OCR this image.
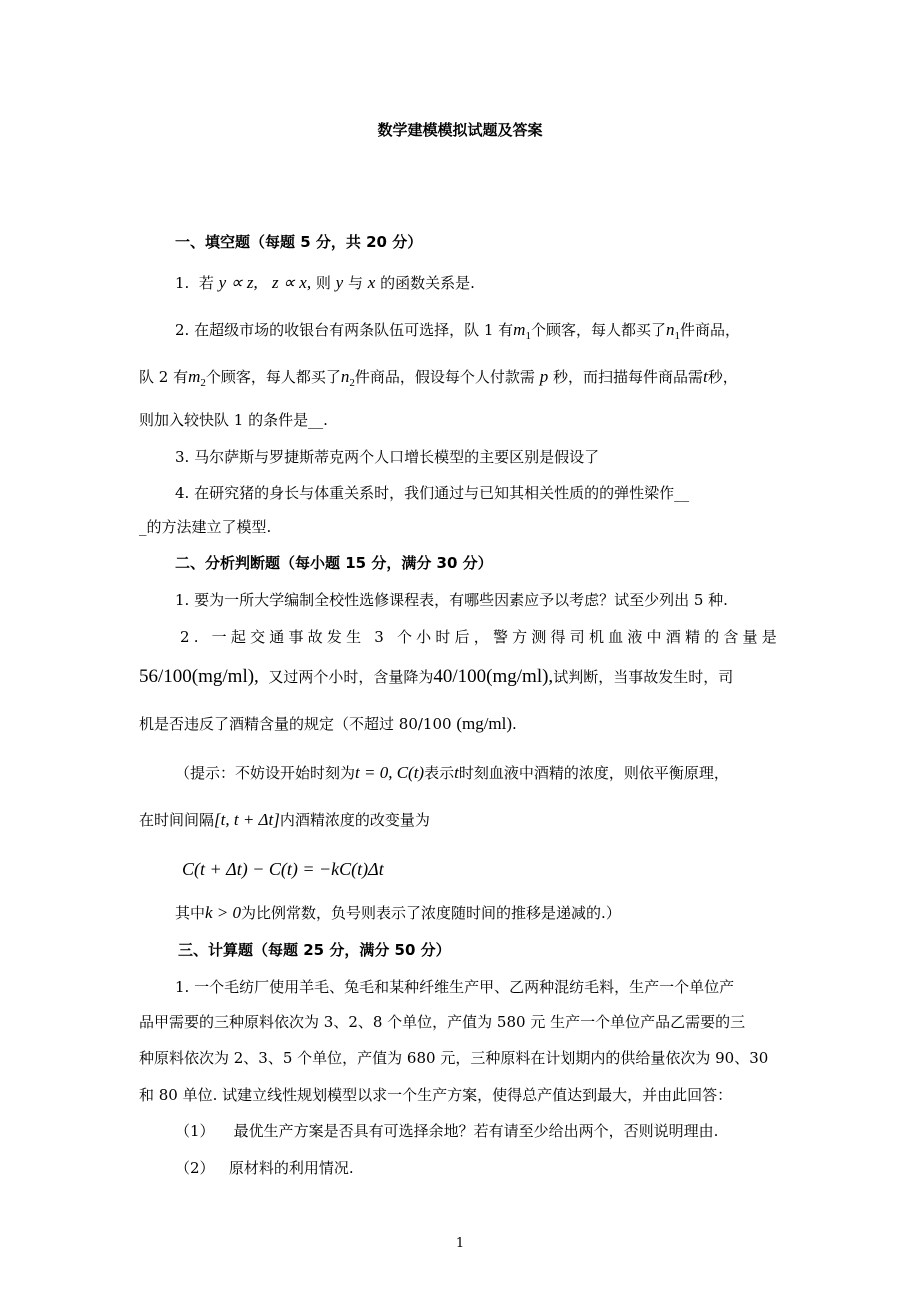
数学建模模拟试题及答案
一、填空题（每题 5 分，共 20 分）
1. 若 y ∝ z, z ∝ x, 则 y 与 x 的函数关系是.
2. 在超级市场的收银台有两条队伍可选择，队 1 有$m_1$个顾客，每人都买了$n_1$件商品，
队 2 有$m_2$个顾客，每人都买了$n_2$件商品，假设每个人付款需 p 秒，而扫描每件商品需t秒，
则加入较快队 1 的条件是__.
3. 马尔萨斯与罗捷斯蒂克两个人口增长模型的主要区别是假设了
4. 在研究猪的身长与体重关系时，我们通过与已知其相关性质的的弹性梁作__
_的方法建立了模型.
二、分析判断题（每小题 15 分，满分 30 分）
1. 要为一所大学编制全校性选修课程表，有哪些因素应予以考虑？试至少列出 5 种.
2. 一起交通事故发生 3 个小时后，警方测得司机血液中酒精的含量是
56/100(mg/ml), 又过两个小时，含量降为40/100(mg/ml),试判断，当事故发生时，司
机是否违反了酒精含量的规定（不超过 80/100 (mg/ml).
（提示：不妨设开始时刻为t = 0, C(t)表示t时刻血液中酒精的浓度，则依平衡原理，
在时间间隔[t, t + Δt]内酒精浓度的改变量为
C(t + Δt) − C(t) = −kC(t)Δt
其中k > 0为比例常数，负号则表示了浓度随时间的推移是递减的.）
三、计算题（每题 25 分，满分 50 分）
1. 一个毛纺厂使用羊毛、兔毛和某种纤维生产甲、乙两种混纺毛料，生产一个单位产
品甲需要的三种原料依次为 3、2、8 个单位，产值为 580 元 生产一个单位产品乙需要的三
种原料依次为 2、3、5 个单位，产值为 680 元，三种原料在计划期内的供给量依次为 90、30
和 80 单位. 试建立线性规划模型以求一个生产方案，使得总产值达到最大，并由此回答：
（1） 最优生产方案是否具有可选择余地？若有请至少给出两个，否则说明理由.
（2） 原材料的利用情况.
1
